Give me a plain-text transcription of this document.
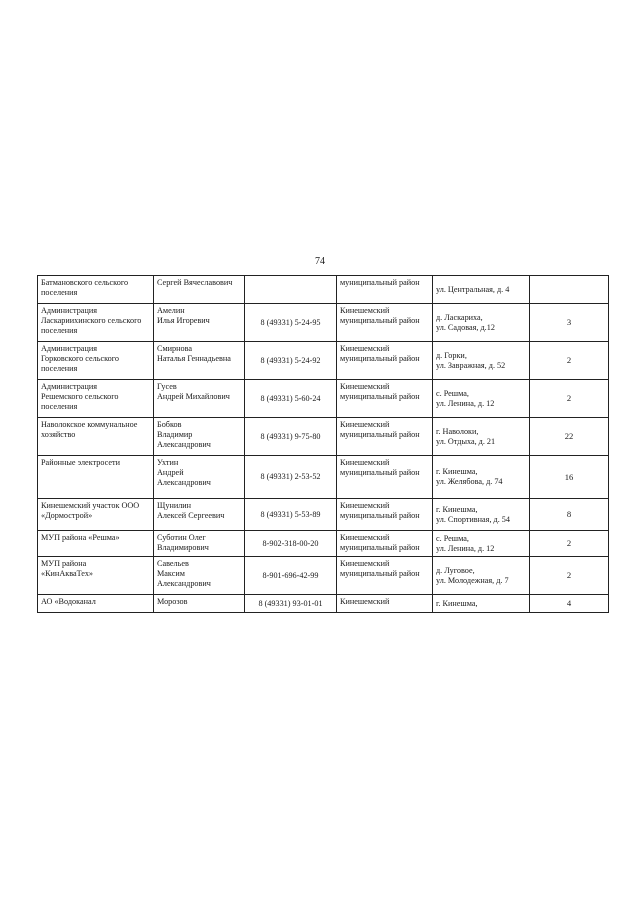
74
Батмановского сельского
поселения	Сергей Вячеславович		муниципальный район	ул. Центральная, д. 4	
Администрация
Ласкариихинского сельского
поселения	Амелин
Илья Игоревич	8 (49331) 5-24-95	Кинешемский
муниципальный район	д. Ласкариха,
ул. Садовая, д.12	3
Администрация
Горковского сельского
поселения	Смирнова
Наталья Геннадьевна	8 (49331) 5-24-92	Кинешемский
муниципальный район	д. Горки,
ул. Заврaжная, д. 52	2
Администрация
Решемского сельского
поселения	Гусев
Андрей Михайлович	8 (49331) 5-60-24	Кинешемский
муниципальный район	с. Решма,
ул. Ленина, д. 12	2
Наволокское коммунальное
хозяйство	Бобков
Владимир
Александрович	8 (49331) 9-75-80	Кинешемский
муниципальный район	г. Наволоки,
ул. Отдыха, д. 21	22
Районные электросети	Ухтин
Андрей
Александрович	8 (49331) 2-53-52	Кинешемский
муниципальный район	г. Кинешма,
ул. Желябова, д. 74	16
Кинешемский участок ООО
«Дормострой»	Щунилин
Алексей Сергеевич	8 (49331) 5-53-89	Кинешемский
муниципальный район	г. Кинешма,
ул. Спортивная, д. 54	8
МУП района «Решма»	Суботин Олег
Владимирович	8-902-318-00-20	Кинешемский
муниципальный район	с. Решма,
ул. Ленина, д. 12	2
МУП района
«КинАкваТех»	Савельев
Максим
Александрович	8-901-696-42-99	Кинешемский
муниципальный район	д. Луговое,
ул. Молодежная, д. 7	2
АО «Водоканал	Морозов	8 (49331) 93-01-01	Кинешемский	г. Кинешма,	4
